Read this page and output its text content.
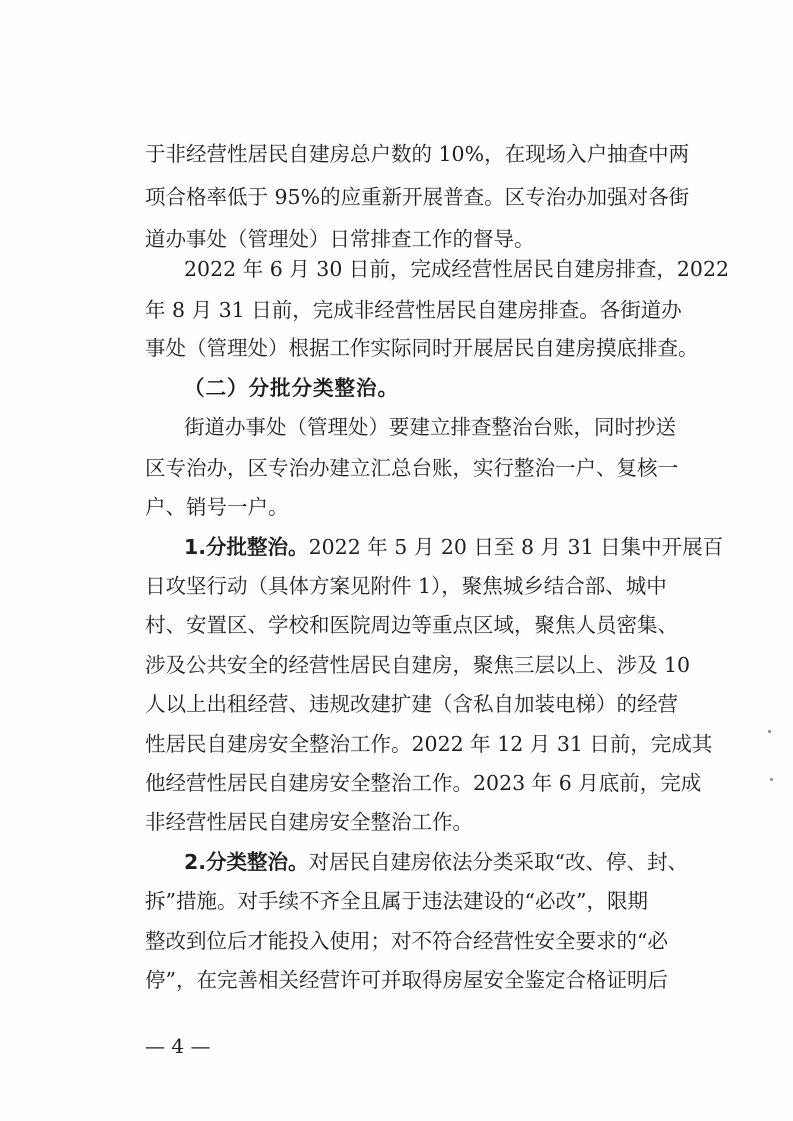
于非经营性居民自建房总户数的 10%，在现场入户抽查中两
项合格率低于 95%的应重新开展普查。区专治办加强对各街
道办事处（管理处）日常排查工作的督导。
2022 年 6 月 30 日前，完成经营性居民自建房排查，2022
年 8 月 31 日前，完成非经营性居民自建房排查。各街道办
事处（管理处）根据工作实际同时开展居民自建房摸底排查。
（二）分批分类整治。
街道办事处（管理处）要建立排查整治台账，同时抄送
区专治办，区专治办建立汇总台账，实行整治一户、复核一
户、销号一户。
1.分批整治。2022 年 5 月 20 日至 8 月 31 日集中开展百
日攻坚行动（具体方案见附件 1），聚焦城乡结合部、城中
村、安置区、学校和医院周边等重点区域，聚焦人员密集、
涉及公共安全的经营性居民自建房，聚焦三层以上、涉及 10
人以上出租经营、违规改建扩建（含私自加装电梯）的经营
性居民自建房安全整治工作。2022 年 12 月 31 日前，完成其
他经营性居民自建房安全整治工作。2023 年 6 月底前，完成
非经营性居民自建房安全整治工作。
2.分类整治。对居民自建房依法分类采取“改、停、封、
拆”措施。对手续不齐全且属于违法建设的“必改”，限期
整改到位后才能投入使用；对不符合经营性安全要求的“必
停”，在完善相关经营许可并取得房屋安全鉴定合格证明后
— 4 —
